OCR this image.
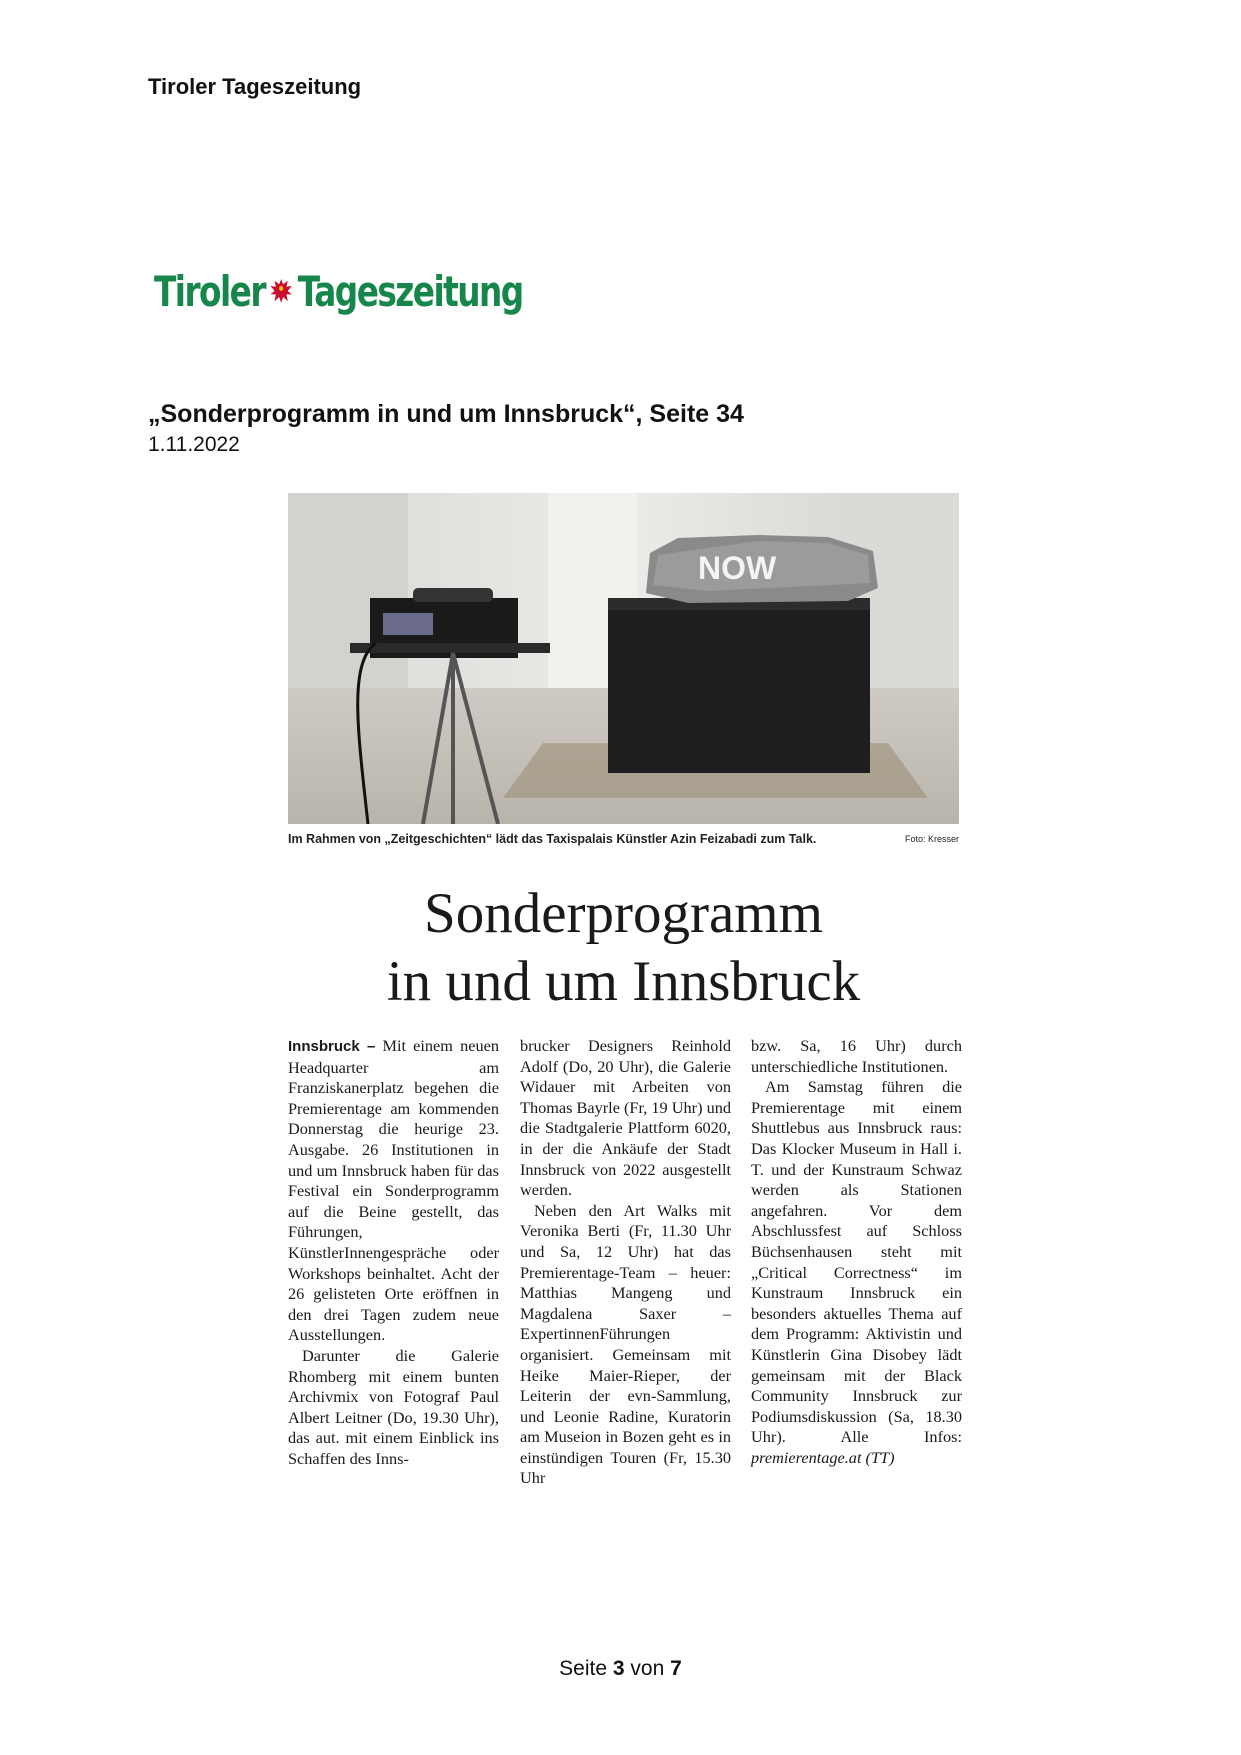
Tiroler Tageszeitung
Tiroler Tageszeitung
„Sonderprogramm in und um Innsbruck“, Seite 34
1.11.2022
NOW
Im Rahmen von „Zeitgeschichten“ lädt das Taxispalais Künstler Azin Feizabadi zum Talk.	Foto: Kresser
Sonderprogramm
in und um Innsbruck

Innsbruck – Mit einem neuen Headquarter am Franziskanerplatz begehen die Premierentage am kommenden Donnerstag die heurige 23. Ausgabe. 26 Institutionen in und um Innsbruck haben für das Festival ein Sonderprogramm auf die Beine gestellt, das Führungen, KünstlerInnengespräche oder Workshops beinhaltet. Acht der 26 gelisteten Orte eröffnen in den drei Tagen zudem neue Ausstellungen.

Darunter die Galerie Rhomberg mit einem bunten Archivmix von Fotograf Paul Albert Leitner (Do, 19.30 Uhr), das aut. mit einem Einblick ins Schaffen des Inns-

brucker Designers Reinhold Adolf (Do, 20 Uhr), die Galerie Widauer mit Arbeiten von Thomas Bayrle (Fr, 19 Uhr) und die Stadtgalerie Plattform 6020, in der die Ankäufe der Stadt Innsbruck von 2022 ausgestellt werden.

Neben den Art Walks mit Veronika Berti (Fr, 11.30 Uhr und Sa, 12 Uhr) hat das Premierentage-Team – heuer: Matthias Mangeng und Magdalena Saxer – ExpertinnenFührungen organisiert. Gemeinsam mit Heike Maier-Rieper, der Leiterin der evn-Sammlung, und Leonie Radine, Kuratorin am Museion in Bozen geht es in einstündigen Touren (Fr, 15.30 Uhr

bzw. Sa, 16 Uhr) durch unterschiedliche Institutionen.

Am Samstag führen die Premierentage mit einem Shuttlebus aus Innsbruck raus: Das Klocker Museum in Hall i. T. und der Kunstraum Schwaz werden als Stationen angefahren. Vor dem Abschlussfest auf Schloss Büchsenhausen steht mit „Critical Correctness“ im Kunstraum Innsbruck ein besonders aktuelles Thema auf dem Programm: Aktivistin und Künstlerin Gina Disobey lädt gemeinsam mit der Black Community Innsbruck zur Podiumsdiskussion (Sa, 18.30 Uhr). Alle Infos: premierentage.at (TT)

Seite 3 von 7
